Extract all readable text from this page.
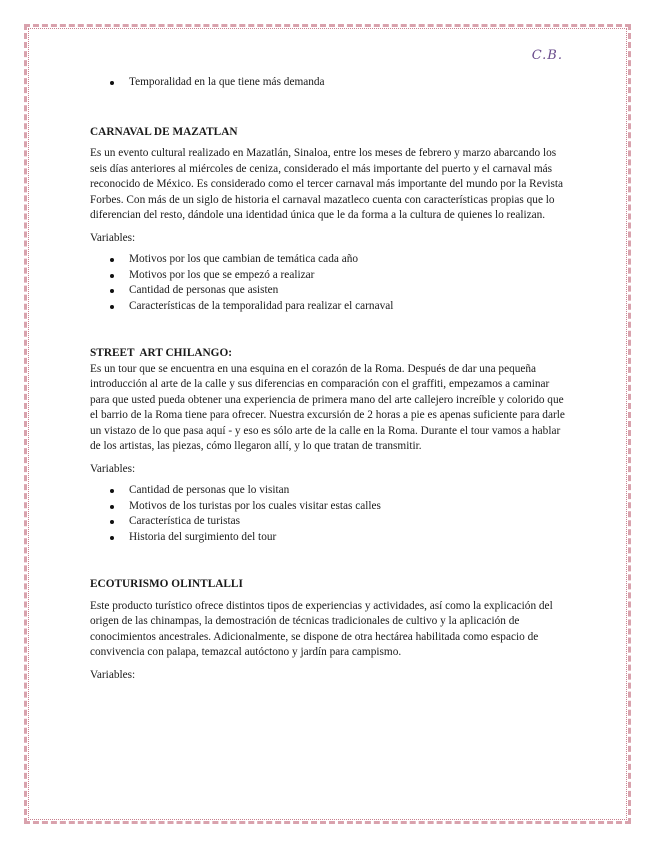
C.B.
Temporalidad en la que tiene más demanda

CARNAVAL DE MAZATLAN

Es un evento cultural realizado en Mazatlán, Sinaloa, entre los meses de febrero y marzo abarcando los seis días anteriores al miércoles de ceniza, considerado el más importante del puerto y el carnaval más reconocido de México. Es considerado como el tercer carnaval más importante del mundo por la Revista Forbes. Con más de un siglo de historia el carnaval mazatleco cuenta con características propias que lo diferencian del resto, dándole una identidad única que le da forma a la cultura de quienes lo realizan.

Variables:

Motivos por los que cambian de temática cada año
Motivos por los que se empezó a realizar
Cantidad de personas que asisten
Características de la temporalidad para realizar el carnaval

STREET  ART CHILANGO:

Es un tour que se encuentra en una esquina en el corazón de la Roma. Después de dar una pequeña introducción al arte de la calle y sus diferencias en comparación con el graffiti, empezamos a caminar para que usted pueda obtener una experiencia de primera mano del arte callejero increíble y colorido que el barrio de la Roma tiene para ofrecer. Nuestra excursión de 2 horas a pie es apenas suficiente para darle un vistazo de lo que pasa aquí - y eso es sólo arte de la calle en la Roma. Durante el tour vamos a hablar de los artistas, las piezas, cómo llegaron allí, y lo que tratan de transmitir.

Variables:

Cantidad de personas que lo visitan
Motivos de los turistas por los cuales visitar estas calles
Característica de turistas
Historia del surgimiento del tour

ECOTURISMO OLINTLALLI

Este producto turístico ofrece distintos tipos de experiencias y actividades, así como la explicación del origen de las chinampas, la demostración de técnicas tradicionales de cultivo y la aplicación de conocimientos ancestrales. Adicionalmente, se dispone de otra hectárea habilitada como espacio de convivencia con palapa, temazcal autóctono y jardín para campismo.

Variables:
